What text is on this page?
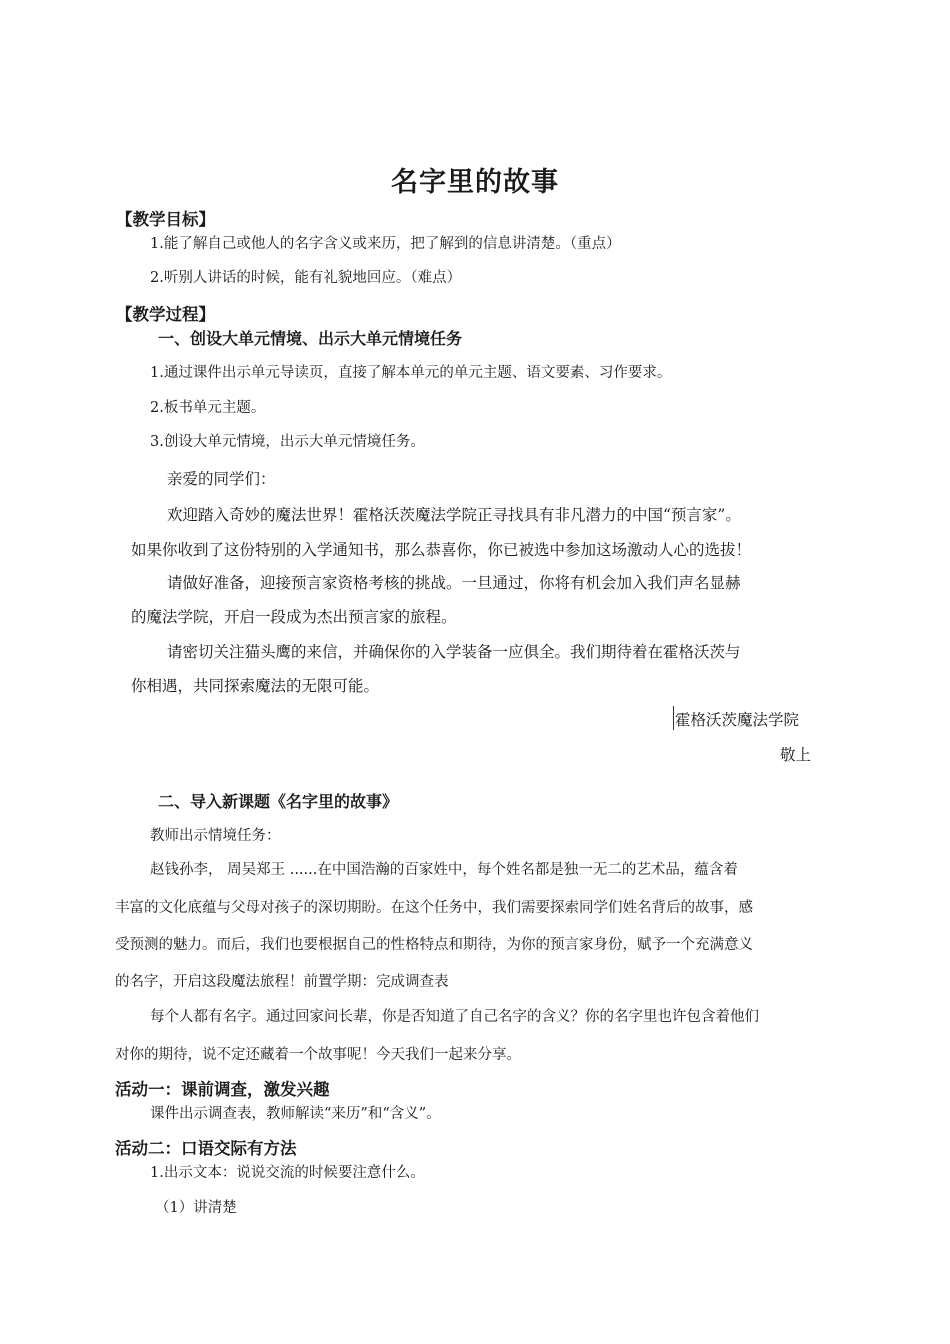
名字里的故事
【教学目标】
1.能了解自己或他人的名字含义或来历，把了解到的信息讲清楚。（重点）
2.听别人讲话的时候，能有礼貌地回应。（难点）
【教学过程】
一、创设大单元情境、出示大单元情境任务
1.通过课件出示单元导读页，直接了解本单元的单元主题、语文要素、习作要求。
2.板书单元主题。
3.创设大单元情境，出示大单元情境任务。
亲爱的同学们：
欢迎踏入奇妙的魔法世界！霍格沃茨魔法学院正寻找具有非凡潜力的中国“预言家”。
如果你收到了这份特别的入学通知书，那么恭喜你，你已被选中参加这场激动人心的选拔！
请做好准备，迎接预言家资格考核的挑战。一旦通过，你将有机会加入我们声名显赫
的魔法学院，开启一段成为杰出预言家的旅程。
请密切关注猫头鹰的来信，并确保你的入学装备一应俱全。我们期待着在霍格沃茨与
你相遇，共同探索魔法的无限可能。
霍格沃茨魔法学院
敬上
二、导入新课题《名字里的故事》
教师出示情境任务：
赵钱孙李， 周吴郑王 ......在中国浩瀚的百家姓中，每个姓名都是独一无二的艺术品，蕴含着
丰富的文化底蕴与父母对孩子的深切期盼。在这个任务中，我们需要探索同学们姓名背后的故事，感
受预测的魅力。而后，我们也要根据自己的性格特点和期待，为你的预言家身份，赋予一个充满意义
的名字，开启这段魔法旅程！前置学期：完成调查表
每个人都有名字。通过回家问长辈，你是否知道了自己名字的含义？你的名字里也许包含着他们
对你的期待，说不定还藏着一个故事呢！今天我们一起来分享。
活动一：课前调查，激发兴趣
课件出示调查表，教师解读“来历”和“含义”。
活动二：口语交际有方法
1.出示文本：说说交流的时候要注意什么。
（1）讲清楚
